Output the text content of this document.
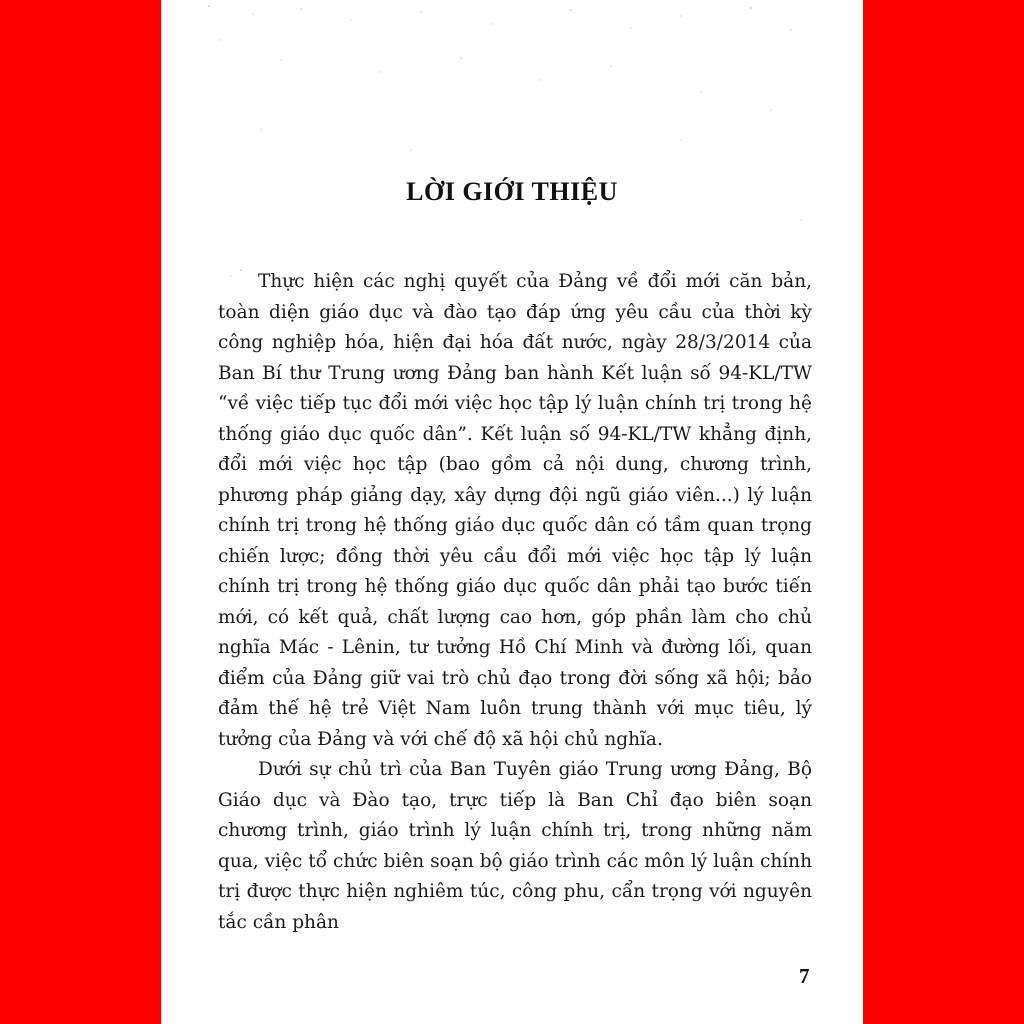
LỜI GIỚI THIỆU

Thực hiện các nghị quyết của Đảng về đổi mới căn bản, toàn diện giáo dục và đào tạo đáp ứng yêu cầu của thời kỳ công nghiệp hóa, hiện đại hóa đất nước, ngày 28/3/2014 của Ban Bí thư Trung ương Đảng ban hành Kết luận số 94-KL/TW “về việc tiếp tục đổi mới việc học tập lý luận chính trị trong hệ thống giáo dục quốc dân”. Kết luận số 94-KL/TW khẳng định, đổi mới việc học tập (bao gồm cả nội dung, chương trình, phương pháp giảng dạy, xây dựng đội ngũ giáo viên...) lý luận chính trị trong hệ thống giáo dục quốc dân có tầm quan trọng chiến lược; đồng thời yêu cầu đổi mới việc học tập lý luận chính trị trong hệ thống giáo dục quốc dân phải tạo bước tiến mới, có kết quả, chất lượng cao hơn, góp phần làm cho chủ nghĩa Mác - Lênin, tư tưởng Hồ Chí Minh và đường lối, quan điểm của Đảng giữ vai trò chủ đạo trong đời sống xã hội; bảo đảm thế hệ trẻ Việt Nam luôn trung thành với mục tiêu, lý tưởng của Đảng và với chế độ xã hội chủ nghĩa.

Dưới sự chủ trì của Ban Tuyên giáo Trung ương Đảng, Bộ Giáo dục và Đào tạo, trực tiếp là Ban Chỉ đạo biên soạn chương trình, giáo trình lý luận chính trị, trong những năm qua, việc tổ chức biên soạn bộ giáo trình các môn lý luận chính trị được thực hiện nghiêm túc, công phu, cẩn trọng với nguyên tắc cần phân

7
